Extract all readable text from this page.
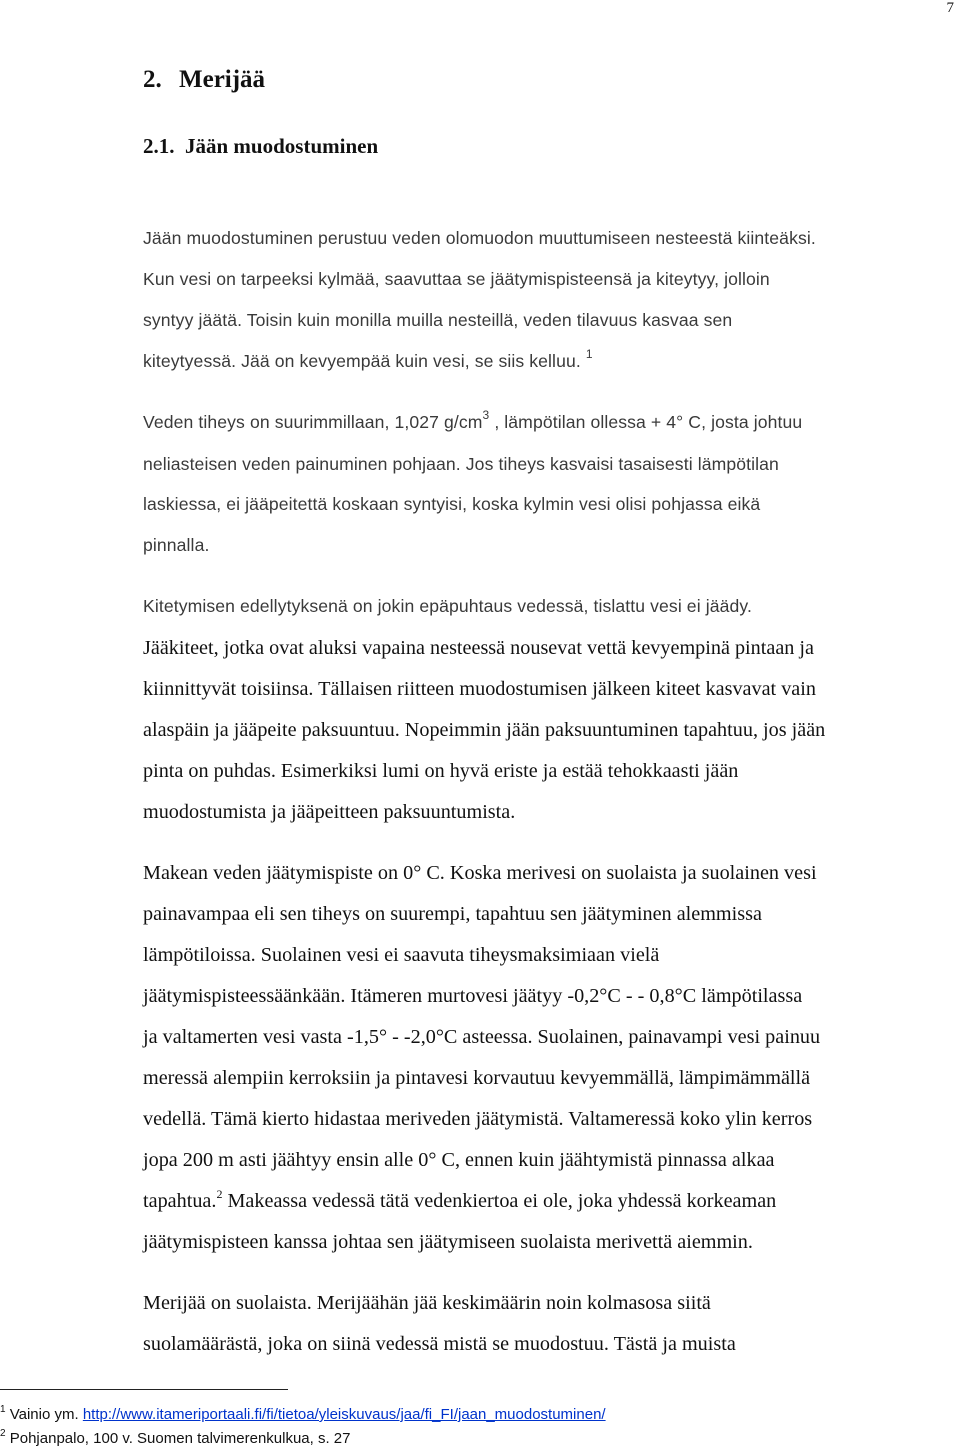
7
2. Merijää
2.1. Jään muodostuminen
Jään muodostuminen perustuu veden olomuodon muuttumiseen nesteestä kiinteäksi.
Kun vesi on tarpeeksi kylmää, saavuttaa se jäätymispisteensä ja kiteytyy, jolloin
syntyy jäätä. Toisin kuin monilla muilla nesteillä, veden tilavuus kasvaa sen
kiteytyessä. Jää on kevyempää kuin vesi, se siis kelluu. $^1$
Veden tiheys on suurimmillaan, 1,027 $g/cm^3$ , lämpötilan ollessa + 4° C, josta johtuu
neliasteisen veden painuminen pohjaan. Jos tiheys kasvaisi tasaisesti lämpötilan
laskiessa, ei jääpeitettä koskaan syntyisi, koska kylmin vesi olisi pohjassa eikä
pinnalla.
Kitetymisen edellytyksenä on jokin epäpuhtaus vedessä, tislattu vesi ei jäädy.
Jääkiteet, jotka ovat aluksi vapaina nesteessä nousevat vettä kevyempinä pintaan ja
kiinnittyvät toisiinsa. Tällaisen riitteen muodostumisen jälkeen kiteet kasvavat vain
alaspäin ja jääpeite paksuuntuu. Nopeimmin jään paksuuntuminen tapahtuu, jos jään
pinta on puhdas. Esimerkiksi lumi on hyvä eriste ja estää tehokkaasti jään
muodostumista ja jääpeitteen paksuuntumista.
Makean veden jäätymispiste on 0° C. Koska merivesi on suolaista ja suolainen vesi
painavampaa eli sen tiheys on suurempi, tapahtuu sen jäätyminen alemmissa
lämpötiloissa. Suolainen vesi ei saavuta tiheysmaksimiaan vielä
jäätymispisteessäänkään. Itämeren murtovesi jäätyy -0,2°C - - 0,8°C lämpötilassa
ja valtamerten vesi vasta -1,5° - -2,0°C asteessa. Suolainen, painavampi vesi painuu
meressä alempiin kerroksiin ja pintavesi korvautuu kevyemmällä, lämpimämmällä
vedellä. Tämä kierto hidastaa meriveden jäätymistä. Valtameressä koko ylin kerros
jopa 200 m asti jäähtyy ensin alle 0° C, ennen kuin jäähtymistä pinnassa alkaa
tapahtua.$^2$ Makeassa vedessä tätä vedenkiertoa ei ole, joka yhdessä korkeaman
jäätymispisteen kanssa johtaa sen jäätymiseen suolaista merivettä aiemmin.
Merijää on suolaista. Merijäähän jää keskimäärin noin kolmasosa siitä
suolamäärästä, joka on siinä vedessä mistä se muodostuu. Tästä ja muista
$^1$ Vainio ym. http://www.itameriportaali.fi/fi/tietoa/yleiskuvaus/jaa/fi_FI/jaan_muodostuminen/
$^2$ Pohjanpalo, 100 v. Suomen talvimerenkulkua, s. 27
